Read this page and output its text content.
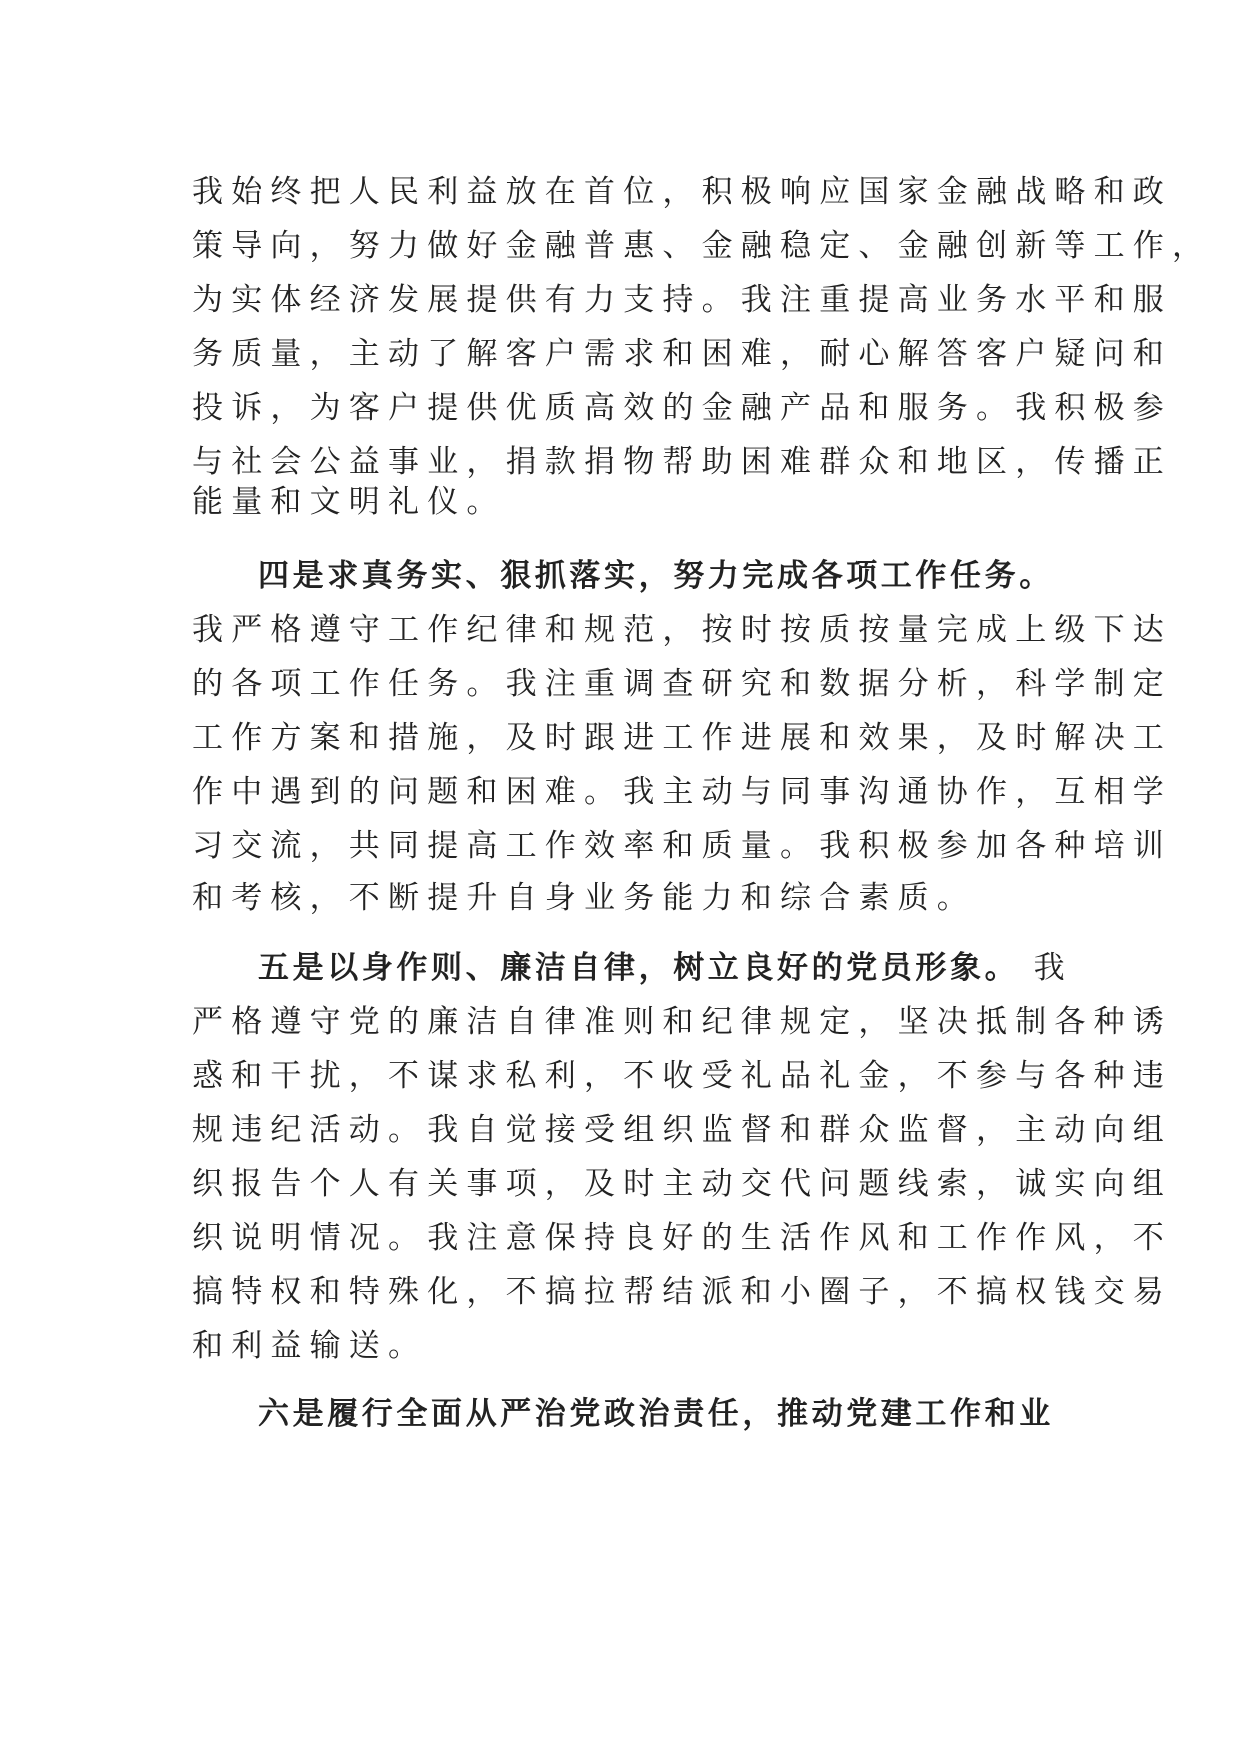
我始终把人民利益放在首位，积极响应国家金融战略和政
策导向，努力做好金融普惠、金融稳定、金融创新等工作，
为实体经济发展提供有力支持。我注重提高业务水平和服
务质量，主动了解客户需求和困难，耐心解答客户疑问和
投诉，为客户提供优质高效的金融产品和服务。我积极参
与社会公益事业，捐款捐物帮助困难群众和地区，传播正
能量和文明礼仪。
四是求真务实、狠抓落实，努力完成各项工作任务。
我严格遵守工作纪律和规范，按时按质按量完成上级下达
的各项工作任务。我注重调查研究和数据分析，科学制定
工作方案和措施，及时跟进工作进展和效果，及时解决工
作中遇到的问题和困难。我主动与同事沟通协作，互相学
习交流，共同提高工作效率和质量。我积极参加各种培训
和考核，不断提升自身业务能力和综合素质。
五是以身作则、廉洁自律，树立良好的党员形象。 我
严格遵守党的廉洁自律准则和纪律规定，坚决抵制各种诱
惑和干扰，不谋求私利，不收受礼品礼金，不参与各种违
规违纪活动。我自觉接受组织监督和群众监督，主动向组
织报告个人有关事项，及时主动交代问题线索，诚实向组
织说明情况。我注意保持良好的生活作风和工作作风，不
搞特权和特殊化，不搞拉帮结派和小圈子，不搞权钱交易
和利益输送。
六是履行全面从严治党政治责任，推动党建工作和业
